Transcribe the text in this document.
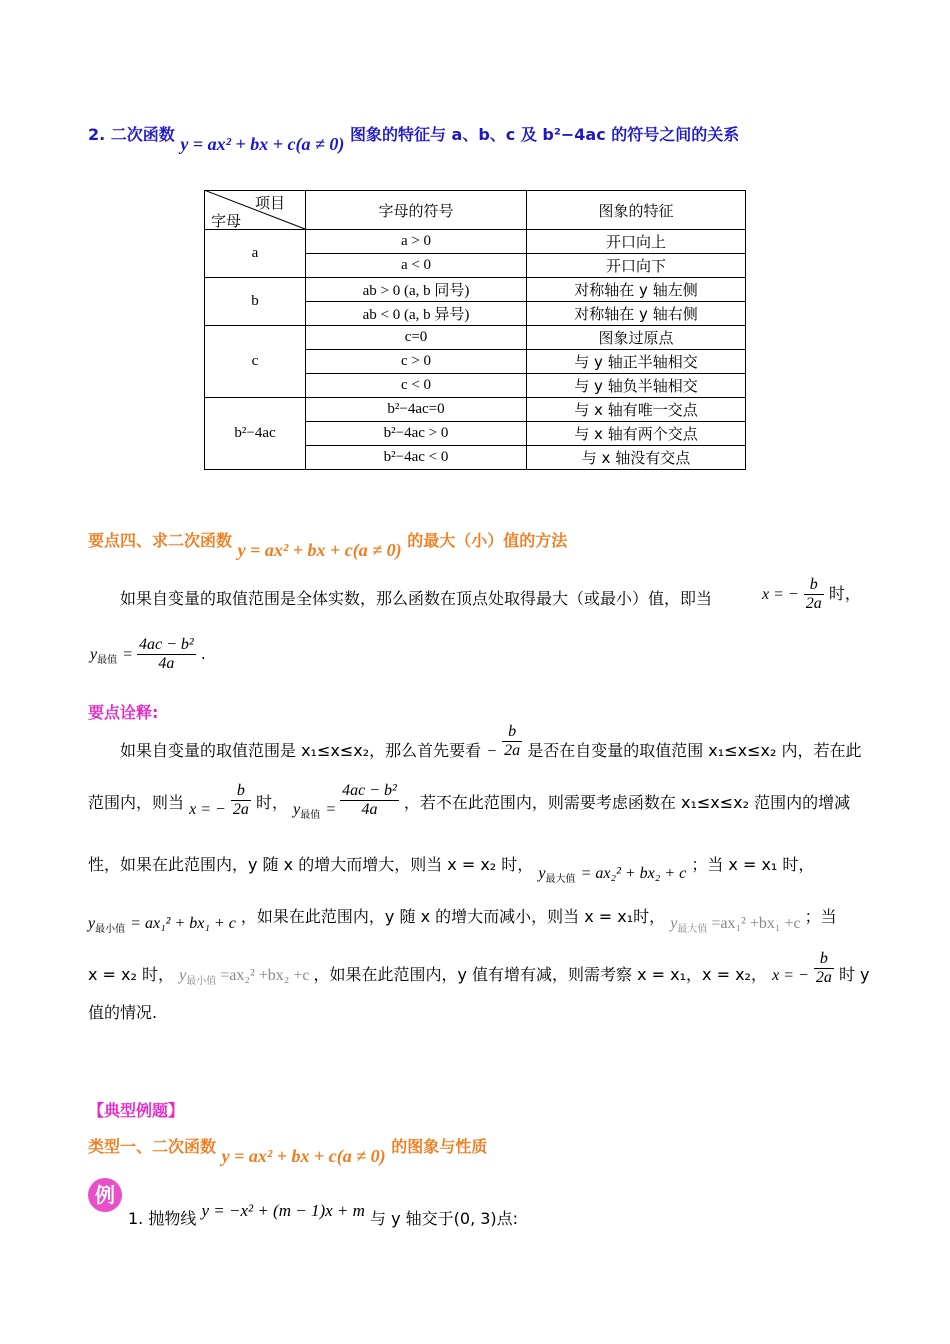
2. 二次函数 y = ax² + bx + c(a ≠ 0) 图象的特征与 a、b、c 及 b²−4ac 的符号之间的关系
项目
字母	字母的符号	图象的特征
a	a > 0	开口向上
	a < 0	开口向下
b	ab > 0 (a, b 同号)	对称轴在 y 轴左侧
	ab < 0 (a, b 异号)	对称轴在 y 轴右侧
c	c=0	图象过原点
	c > 0	与 y 轴正半轴相交
	c < 0	与 y 轴负半轴相交
b²−4ac	b²−4ac=0	与 x 轴有唯一交点
	b²−4ac > 0	与 x 轴有两个交点
	b²−4ac < 0	与 x 轴没有交点
要点四、求二次函数 y = ax² + bx + c(a ≠ 0) 的最大（小）值的方法
如果自变量的取值范围是全体实数，那么函数在顶点处取得最大（或最小）值，即当	x = − $\frac{b}{2a}$ 时，
$y_{最值} = \frac{\text{4ac − b²}}{4a}$ .
要点诠释:
如果自变量的取值范围是 x₁≤x≤x₂，那么首先要看 − $\frac{b}{2a}$ 是否在自变量的取值范围 x₁≤x≤x₂ 内，若在此
范围内，则当 x = − $\frac{b}{2a}$ 时， $y_{最值} = \frac{\text{4ac − b²}}{4a}$ ，若不在此范围内，则需要考虑函数在 x₁≤x≤x₂ 范围内的增减
性，如果在此范围内，y 随 x 的增大而增大，则当 x = x₂ 时， $y_{最大值} = ax_2^2 + bx_2 + c$ ；当 x = x₁ 时，
$y_{最小值} = ax_1^2 + bx_1 + c$ ，如果在此范围内，y 随 x 的增大而减小，则当 x = x₁时， $y_{最大值} =ax_1^2 +bx_1 +c$ ；当
x = x₂ 时， $y_{最小值} =ax_2^2 +bx_2 +c$ ，如果在此范围内，y 值有增有减，则需考察 x = x₁，x = x₂， x = − $\frac{b}{2a}$ 时 y
值的情况.
【典型例题】
类型一、二次函数 y = ax² + bx + c(a ≠ 0) 的图象与性质
例
1. 抛物线 y = −x² + (m − 1)x + m 与 y 轴交于(0, 3)点:
